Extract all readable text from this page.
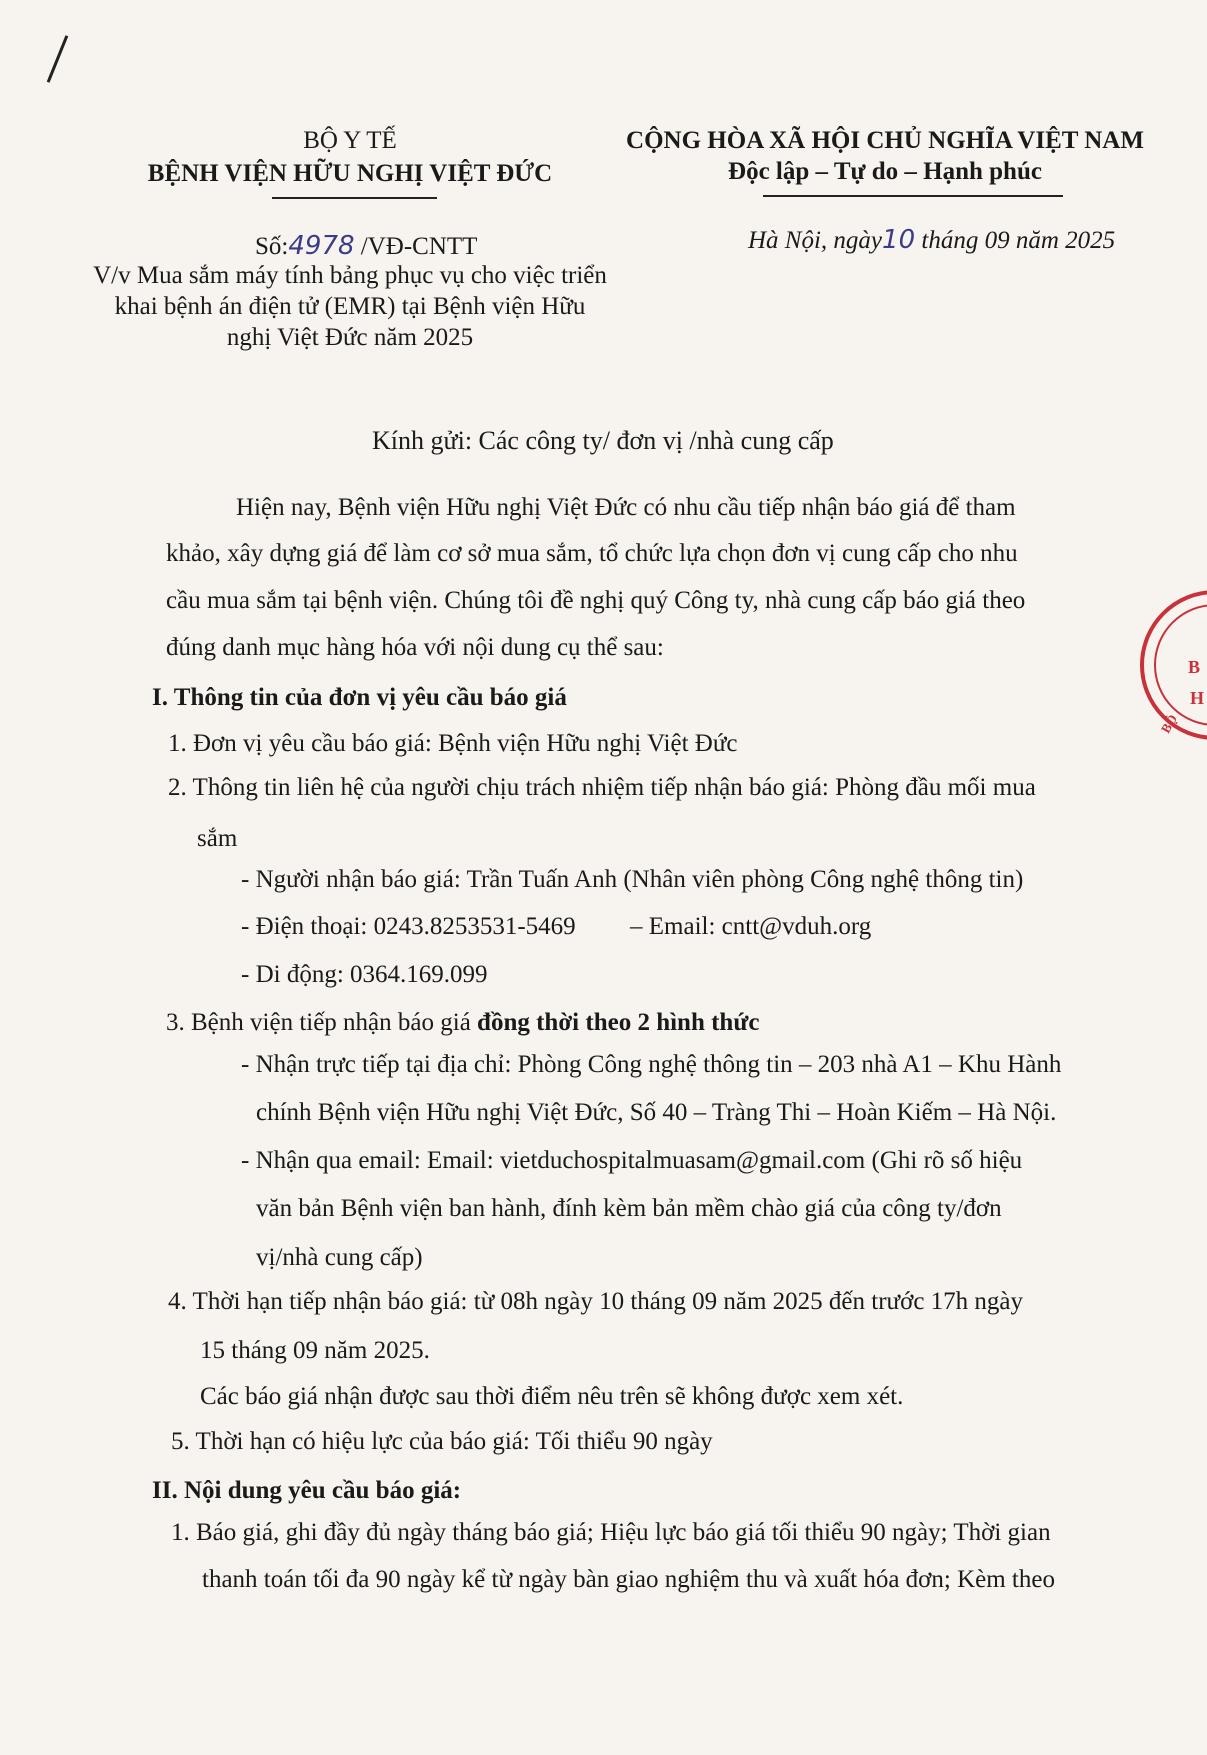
BỘ Y TẾ
BỆNH VIỆN HỮU NGHỊ VIỆT ĐỨC
Số:4978 /VĐ-CNTT
V/v Mua sắm máy tính bảng phục vụ cho việc triển
khai bệnh án điện tử (EMR) tại Bệnh viện Hữu
nghị Việt Đức năm 2025
CỘNG HÒA XÃ HỘI CHỦ NGHĨA VIỆT NAM
Độc lập – Tự do – Hạnh phúc
Hà Nội, ngày10 tháng 09 năm 2025
Kính gửi: Các công ty/ đơn vị /nhà cung cấp
Hiện nay, Bệnh viện Hữu nghị Việt Đức có nhu cầu tiếp nhận báo giá để tham
khảo, xây dựng giá để làm cơ sở mua sắm, tổ chức lựa chọn đơn vị cung cấp cho nhu
cầu mua sắm tại bệnh viện. Chúng tôi đề nghị quý Công ty, nhà cung cấp báo giá theo
đúng danh mục hàng hóa với nội dung cụ thể sau:
I. Thông tin của đơn vị yêu cầu báo giá
1. Đơn vị yêu cầu báo giá: Bệnh viện Hữu nghị Việt Đức
2. Thông tin liên hệ của người chịu trách nhiệm tiếp nhận báo giá: Phòng đầu mối mua
sắm
- Người nhận báo giá: Trần Tuấn Anh (Nhân viên phòng Công nghệ thông tin)
- Điện thoại: 0243.8253531-5469 – Email: cntt@vduh.org
- Di động: 0364.169.099
3. Bệnh viện tiếp nhận báo giá đồng thời theo 2 hình thức
- Nhận trực tiếp tại địa chỉ: Phòng Công nghệ thông tin – 203 nhà A1 – Khu Hành
chính Bệnh viện Hữu nghị Việt Đức, Số 40 – Tràng Thi – Hoàn Kiếm – Hà Nội.
- Nhận qua email: Email: vietduchospitalmuasam@gmail.com (Ghi rõ số hiệu
văn bản Bệnh viện ban hành, đính kèm bản mềm chào giá của công ty/đơn
vị/nhà cung cấp)
4. Thời hạn tiếp nhận báo giá: từ 08h ngày 10 tháng 09 năm 2025 đến trước 17h ngày
15 tháng 09 năm 2025.
Các báo giá nhận được sau thời điểm nêu trên sẽ không được xem xét.
5. Thời hạn có hiệu lực của báo giá: Tối thiểu 90 ngày
II. Nội dung yêu cầu báo giá:
1. Báo giá, ghi đầy đủ ngày tháng báo giá; Hiệu lực báo giá tối thiểu 90 ngày; Thời gian
thanh toán tối đa 90 ngày kể từ ngày bàn giao nghiệm thu và xuất hóa đơn; Kèm theo
B
H
BỘ
